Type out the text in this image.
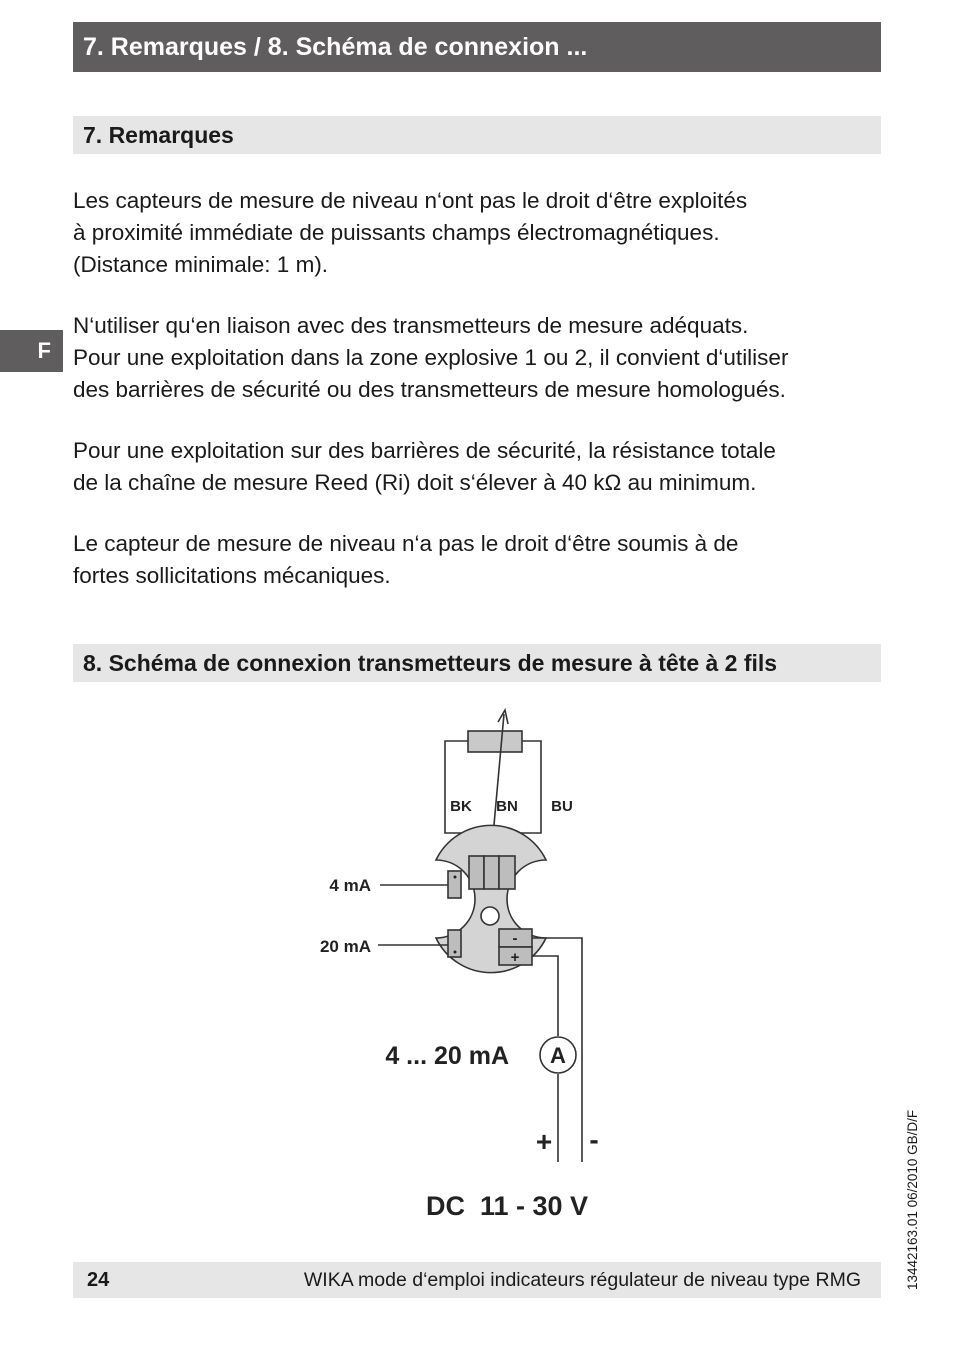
7. Remarques / 8. Schéma de connexion ...
F
7. Remarques

Les capteurs de mesure de niveau n‘ont pas le droit d‘être exploités
à proximité immédiate de puissants champs électromagnétiques.
(Distance minimale: 1 m).

N‘utiliser qu‘en liaison avec des transmetteurs de mesure adéquats.
Pour une exploitation dans la zone explosive 1 ou 2, il convient d‘utiliser
des barrières de sécurité ou des transmetteurs de mesure homologués.

Pour une exploitation sur des barrières de sécurité, la résistance totale
de la chaîne de mesure Reed (Ri) doit s‘élever à 40 kΩ au minimum.

Le capteur de mesure de niveau n‘a pas le droit d‘être soumis à de
fortes sollicitations mécaniques.

8. Schéma de connexion transmetteurs de mesure à tête à 2 fils
BK BN BU
4 mA
20 mA	-
+
4 ... 20 mA A
+ -
DC  11 - 30 V
24	WIKA mode d‘emploi indicateurs régulateur de niveau type RMG	13442163.01 06/2010 GB/D/F
